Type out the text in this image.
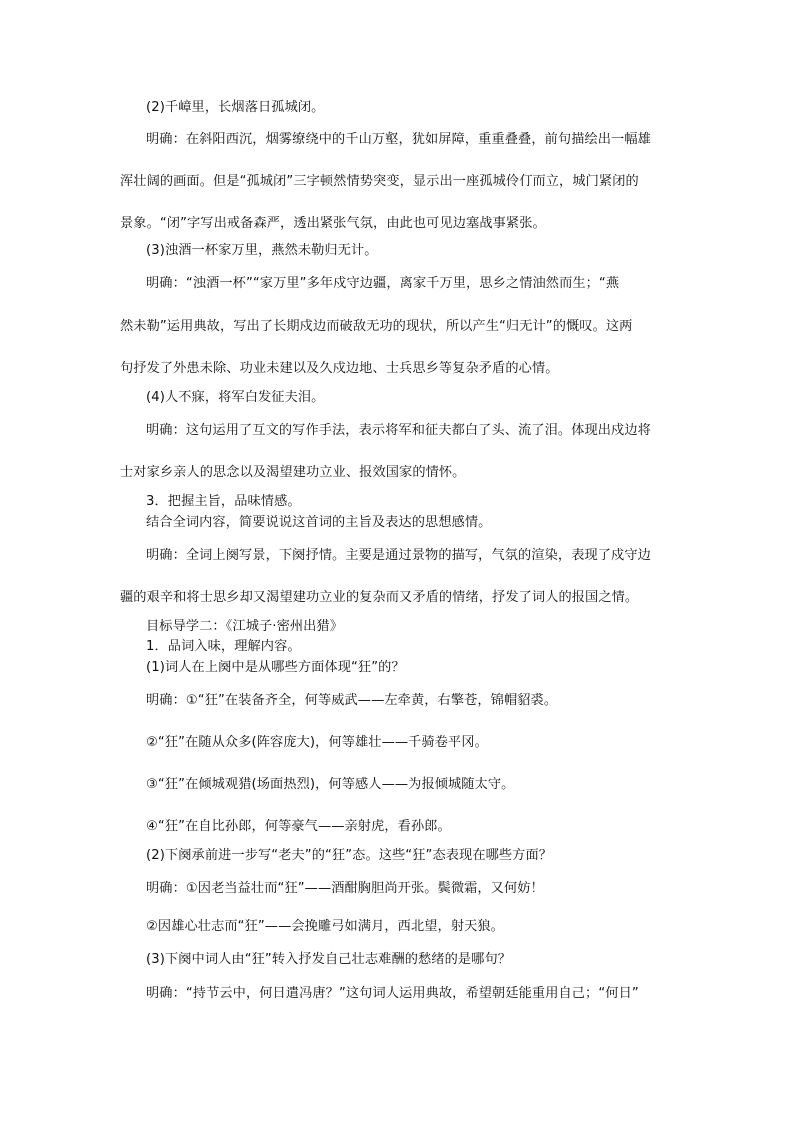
(2)千嶂里，长烟落日孤城闭。
明确：在斜阳西沉，烟雾缭绕中的千山万壑，犹如屏障，重重叠叠，前句描绘出一幅雄
浑壮阔的画面。但是“孤城闭”三字顿然情势突变，显示出一座孤城伶仃而立，城门紧闭的
景象。“闭”字写出戒备森严，透出紧张气氛，由此也可见边塞战事紧张。
(3)浊酒一杯家万里，燕然未勒归无计。
明确：“浊酒一杯”“家万里”多年戍守边疆，离家千万里，思乡之情油然而生；“燕
然未勒”运用典故，写出了长期戍边而破敌无功的现状，所以产生“归无计”的慨叹。这两
句抒发了外患未除、功业未建以及久戍边地、士兵思乡等复杂矛盾的心情。
(4)人不寐，将军白发征夫泪。
明确：这句运用了互文的写作手法，表示将军和征夫都白了头、流了泪。体现出戍边将
士对家乡亲人的思念以及渴望建功立业、报效国家的情怀。
3．把握主旨，品味情感。
结合全词内容，简要说说这首词的主旨及表达的思想感情。
明确：全词上阕写景，下阕抒情。主要是通过景物的描写，气氛的渲染，表现了戍守边
疆的艰辛和将士思乡却又渴望建功立业的复杂而又矛盾的情绪，抒发了词人的报国之情。
目标导学二：《江城子·密州出猎》
1．品词入味，理解内容。
(1)词人在上阕中是从哪些方面体现“狂”的？
明确：①“狂”在装备齐全，何等威武——左牵黄，右擎苍，锦帽貂裘。
②“狂”在随从众多(阵容庞大)，何等雄壮——千骑卷平冈。
③“狂”在倾城观猎(场面热烈)，何等感人——为报倾城随太守。
④“狂”在自比孙郎，何等豪气——亲射虎，看孙郎。
(2)下阕承前进一步写“老夫”的“狂”态。这些“狂”态表现在哪些方面？
明确：①因老当益壮而“狂”——酒酣胸胆尚开张。鬓微霜，又何妨！
②因雄心壮志而“狂”——会挽雕弓如满月，西北望，射天狼。
(3)下阕中词人由“狂”转入抒发自己壮志难酬的愁绪的是哪句？
明确：“持节云中，何日遣冯唐？”这句词人运用典故，希望朝廷能重用自己；“何日”
